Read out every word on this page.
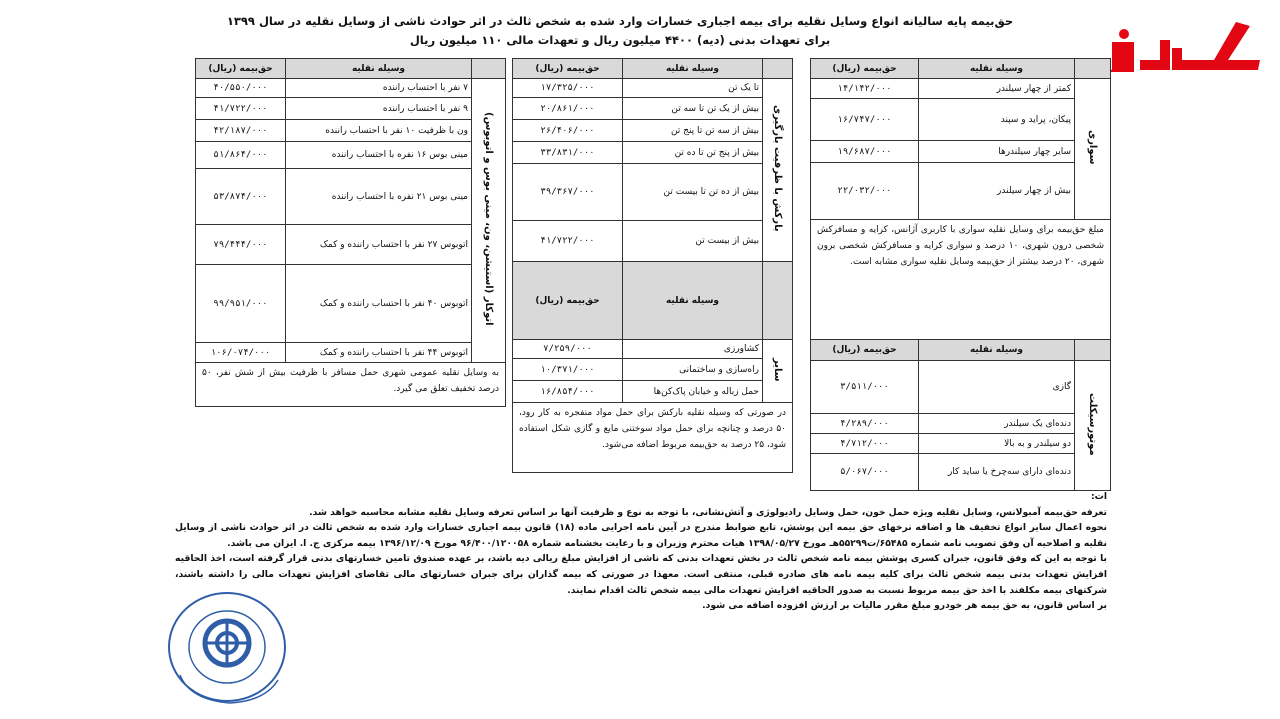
حق‌بیمه پایه سالیانه انواع وسایل نقلیه برای بیمه اجباری خسارات وارد شده به شخص ثالث در اثر حوادث ناشی از وسایل نقلیه در سال ۱۳۹۹
برای تعهدات بدنی (دیه) ۴۴۰۰ میلیون ریال و تعهدات مالی ۱۱۰ میلیون ریال
	وسیله نقلیه	حق‌بیمه (ریال)
سواری	کمتر از چهار سیلندر	۱۴/۱۴۲/۰۰۰
	پیکان، پراید و سپند	۱۶/۷۴۷/۰۰۰
	سایر چهار سیلندرها	۱۹/۶۸۷/۰۰۰
	بیش از چهار سیلندر	۲۲/۰۳۲/۰۰۰
مبلغ حق‌بیمه برای وسایل نقلیه سواری با کاربری آژانس، کرایه و مسافرکش شخصی درون شهری، ۱۰ درصد و سواری کرایه و مسافرکش شخصی برون شهری، ۲۰ درصد بیشتر از حق‌بیمه وسایل نقلیه سواری مشابه است.		
	وسیله نقلیه	حق‌بیمه (ریال)
موتورسیکلت	گازی	۳/۵۱۱/۰۰۰
	دنده‌ای یک سیلندر	۴/۲۸۹/۰۰۰
	دو سیلندر و به بالا	۴/۷۱۲/۰۰۰
	دنده‌ای دارای سه‌چرخ یا ساید کار	۵/۰۶۷/۰۰۰
	وسیله نقلیه	حق‌بیمه (ریال)
بارکش با ظرفیت بارگیری	تا یک تن	۱۷/۳۲۵/۰۰۰
	بیش از یک تن تا سه تن	۲۰/۸۶۱/۰۰۰
	بیش از سه تن تا پنج تن	۲۶/۴۰۶/۰۰۰
	بیش از پنج تن تا ده تن	۳۳/۸۳۱/۰۰۰
	بیش از ده تن تا بیست تن	۳۹/۳۶۷/۰۰۰
	بیش از بیست تن	۴۱/۷۲۲/۰۰۰
	وسیله نقلیه	حق‌بیمه (ریال)
سایر	کشاورزی	۷/۲۵۹/۰۰۰
	راه‌سازی و ساختمانی	۱۰/۳۷۱/۰۰۰
	حمل زباله و خیابان پاک‌کن‌ها	۱۶/۸۵۴/۰۰۰
در صورتی که وسیله نقلیه بارکش برای حمل مواد منفجره به کار رود، ۵۰ درصد و چنانچه برای حمل مواد سوختنی مایع و گازی شکل استفاده شود، ۲۵ درصد به حق‌بیمه مربوط اضافه می‌شود.		
	وسیله نقلیه	حق‌بیمه (ریال)
اتوکار (استیشن، ون، مینی بوس و اتوبوس)	۷ نفر با احتساب راننده	۴۰/۵۵۰/۰۰۰
	۹ نفر با احتساب راننده	۴۱/۷۲۲/۰۰۰
	ون با ظرفیت ۱۰ نفر با احتساب راننده	۴۲/۱۸۷/۰۰۰
	مینی بوس ۱۶ نفره با احتساب راننده	۵۱/۸۶۴/۰۰۰
	مینی بوس ۲۱ نفره با احتساب راننده	۵۳/۸۷۴/۰۰۰
	اتوبوس ۲۷ نفر با احتساب راننده و کمک	۷۹/۴۴۴/۰۰۰
	اتوبوس ۴۰ نفر با احتساب راننده و کمک	۹۹/۹۵۱/۰۰۰
	اتوبوس ۴۴ نفر با احتساب راننده و کمک	۱۰۶/۰۷۴/۰۰۰
به وسایل نقلیه عمومی شهری حمل مسافر با ظرفیت بیش از شش نفر، ۵۰ درصد تخفیف تعلق می گیرد.		

ات:

تعرفه حق‌بیمه آمبولانس، وسایل نقلیه ویژه حمل خون، حمل وسایل رادیولوژی و آتش‌نشانی، با توجه به نوع و ظرفیت آنها بر اساس تعرفه وسایل نقلیه مشابه محاسبه خواهد شد.

نحوه اعمال سایر انواع تخفیف ها و اضافه نرخهای حق بیمه این پوشش، تابع ضوابط مندرج در آیین نامه اجرایی ماده (۱۸) قانون بیمه اجباری خسارات وارد شده به شخص ثالث در اثر حوادث ناشی از وسایل نقلیه و اصلاحیه آن وفق تصویب نامه شماره ۶۵۴۸۵/ت۵۵۲۹۹هـ مورخ ۱۳۹۸/۰۵/۲۷ هیات محترم وزیران و با رعایت بخشنامه شماره ۹۶/۴۰۰/۱۲۰۰۵۸ مورخ ۱۳۹۶/۱۲/۰۹ بیمه مرکزی ج. ا. ایران می باشد.

با توجه به این که وفق قانون، جبران کسری پوشش بیمه نامه شخص ثالث در بخش تعهدات بدنی که ناشی از افزایش مبلغ ریالی دیه باشد، بر عهده صندوق تامین خسارتهای بدنی قرار گرفته است، اخذ الحاقیه افزایش تعهدات بدنی بیمه شخص ثالث برای کلیه بیمه نامه های صادره قبلی، منتفی است. معهذا در صورتی که بیمه گذاران برای جبران خسارتهای مالی تقاضای افزایش تعهدات مالی را داشته باشند، شرکتهای بیمه مکلفند با اخذ حق بیمه مربوط نسبت به صدور الحاقیه افزایش تعهدات مالی بیمه شخص ثالث اقدام نمایند.

بر اساس قانون، به حق بیمه هر خودرو مبلغ مقرر مالیات بر ارزش افزوده اضافه می شود.
